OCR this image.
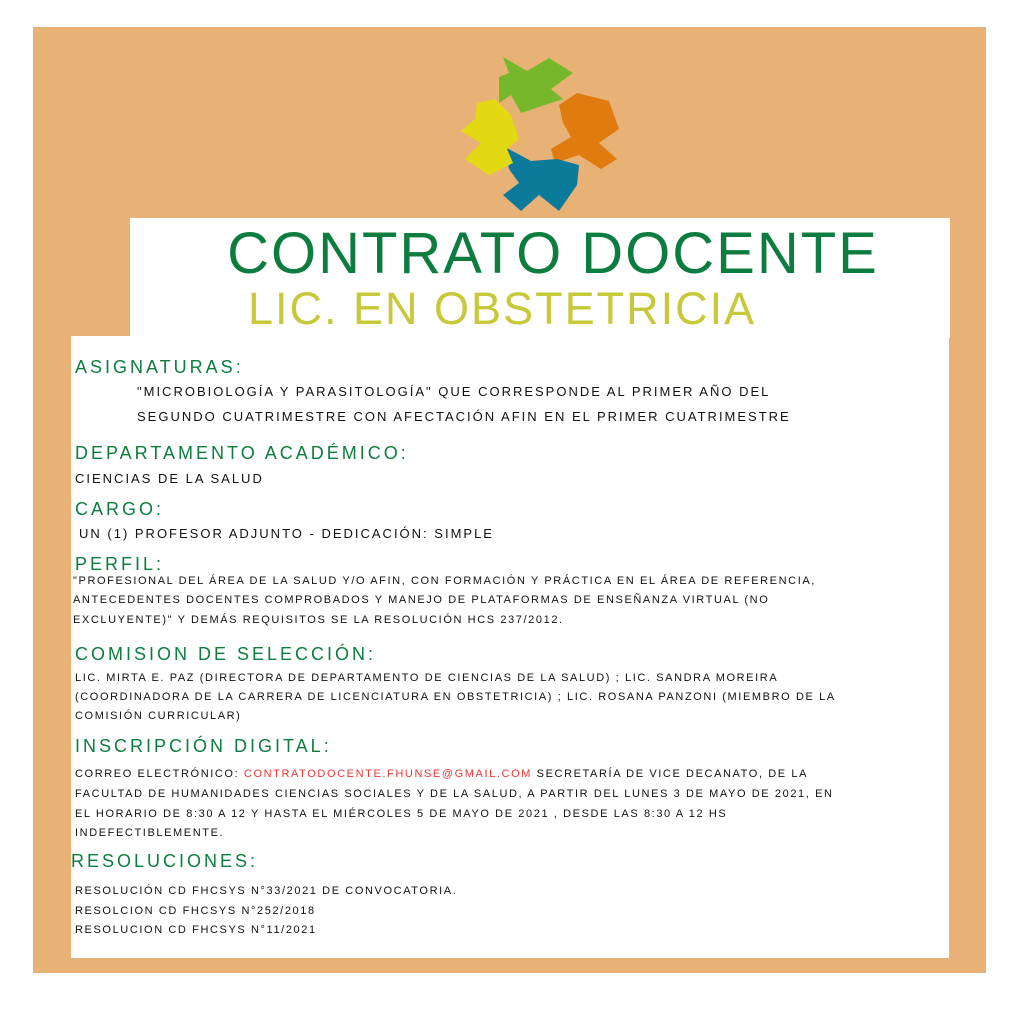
CONTRATO DOCENTE
LIC. EN OBSTETRICIA
ASIGNATURAS:
"MICROBIOLOGÍA Y PARASITOLOGÍA" QUE CORRESPONDE AL PRIMER AÑO DEL
SEGUNDO CUATRIMESTRE CON AFECTACIÓN AFIN EN EL PRIMER CUATRIMESTRE
DEPARTAMENTO ACADÉMICO:
CIENCIAS DE LA SALUD
CARGO:
UN (1) PROFESOR ADJUNTO - DEDICACIÓN: SIMPLE
PERFIL:
"PROFESIONAL DEL ÁREA DE LA SALUD Y/O AFIN, CON FORMACIÓN Y PRÁCTICA EN EL ÁREA DE REFERENCIA,
ANTECEDENTES DOCENTES COMPROBADOS Y MANEJO DE PLATAFORMAS DE ENSEÑANZA VIRTUAL (NO
EXCLUYENTE)" Y DEMÁS REQUISITOS SE LA RESOLUCIÓN HCS 237/2012.
COMISION DE SELECCIÓN:
LIC. MIRTA E. PAZ (DIRECTORA DE DEPARTAMENTO DE CIENCIAS DE LA SALUD) ; LIC. SANDRA MOREIRA
(COORDINADORA DE LA CARRERA DE LICENCIATURA EN OBSTETRICIA) ; LIC. ROSANA PANZONI (MIEMBRO DE LA
COMISIÓN CURRICULAR)
INSCRIPCIÓN DIGITAL:
CORREO ELECTRÓNICO: CONTRATODOCENTE.FHUNSE@GMAIL.COM SECRETARÍA DE VICE DECANATO, DE LA
FACULTAD DE HUMANIDADES CIENCIAS SOCIALES Y DE LA SALUD, A PARTIR DEL LUNES 3 DE MAYO DE 2021, EN
EL HORARIO DE 8:30 A 12 Y HASTA EL MIÉRCOLES 5 DE MAYO DE 2021 , DESDE LAS 8:30 A 12 HS
INDEFECTIBLEMENTE.
RESOLUCIONES:
RESOLUCIÓN CD FHCSYS N°33/2021 DE CONVOCATORIA.
RESOLCION CD FHCSYS N°252/2018
RESOLUCION CD FHCSYS N°11/2021
